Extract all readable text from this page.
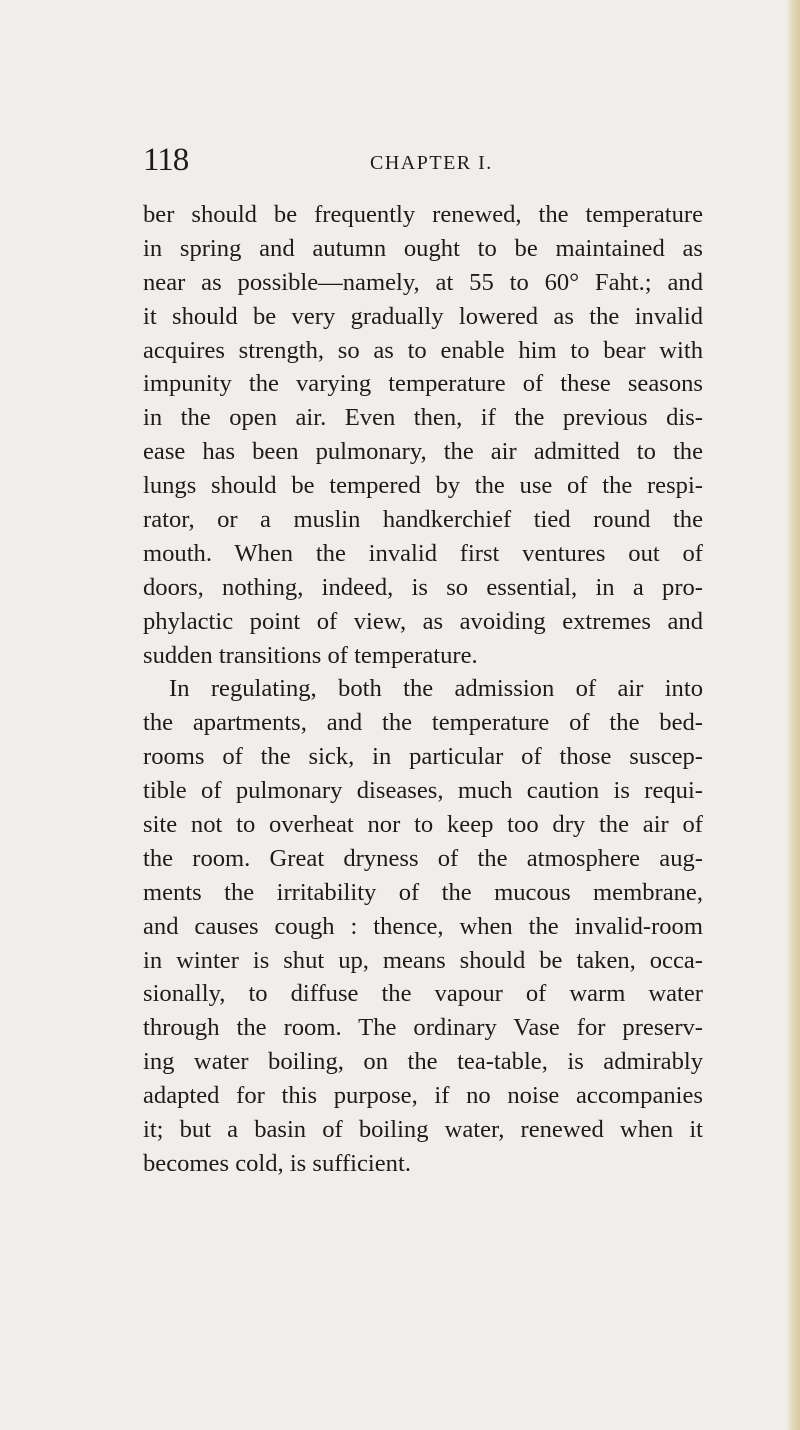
118	CHAPTER I.
ber should be frequently renewed, the temperature
in spring and autumn ought to be maintained as
near as possible—namely, at 55 to 60° Faht.; and
it should be very gradually lowered as the invalid
acquires strength, so as to enable him to bear with
impunity the varying temperature of these seasons
in the open air. Even then, if the previous dis-
ease has been pulmonary, the air admitted to the
lungs should be tempered by the use of the respi-
rator, or a muslin handkerchief tied round the
mouth. When the invalid first ventures out of
doors, nothing, indeed, is so essential, in a pro-
phylactic point of view, as avoiding extremes and
sudden transitions of temperature.
In regulating, both the admission of air into
the apartments, and the temperature of the bed-
rooms of the sick, in particular of those suscep-
tible of pulmonary diseases, much caution is requi-
site not to overheat nor to keep too dry the air of
the room. Great dryness of the atmosphere aug-
ments the irritability of the mucous membrane,
and causes cough : thence, when the invalid-room
in winter is shut up, means should be taken, occa-
sionally, to diffuse the vapour of warm water
through the room. The ordinary Vase for preserv-
ing water boiling, on the tea-table, is admirably
adapted for this purpose, if no noise accompanies
it; but a basin of boiling water, renewed when it
becomes cold, is sufficient.
